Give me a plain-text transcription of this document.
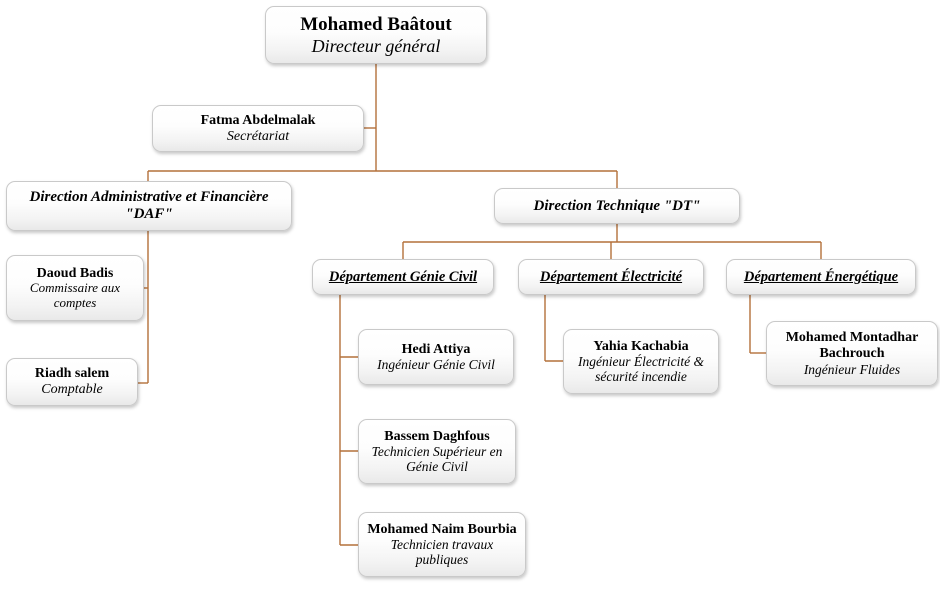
Mohamed Baâtout
Directeur général
Fatma Abdelmalak
Secrétariat
Direction Administrative et Financière "DAF"
Direction Technique "DT"
Daoud Badis
Commissaire aux comptes
Riadh salem
Comptable
Département Génie Civil	Département Électricité	Département Énergétique
Hedi Attiya
Ingénieur Génie Civil
Bassem Daghfous
Technicien Supérieur en Génie Civil
Mohamed Naim Bourbia
Technicien travaux publiques
Yahia Kachabia
Ingénieur Électricité & sécurité incendie
Mohamed Montadhar Bachrouch
Ingénieur Fluides
